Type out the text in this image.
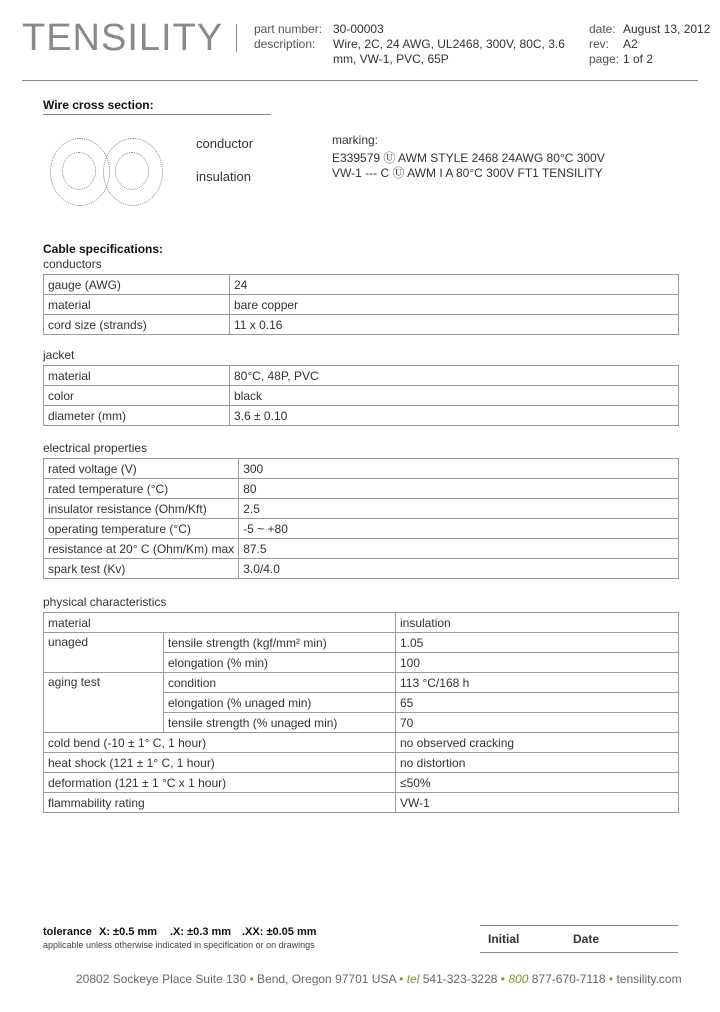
TENSILITY	part number: 30-00003
description: Wire, 2C, 24 AWG, UL2468, 300V, 80C, 3.6
mm, VW-1, PVC, 65P
date: August 13, 2012
rev: A2
page: 1 of 2
Wire cross section:
conductor
insulation
marking:
E339579 Ⓤ AWM STYLE 2468 24AWG 80°C 300V
VW-1 --- C Ⓤ AWM I A 80°C 300V FT1 TENSILITY
Cable specifications:
conductors
gauge (AWG)	24
material	bare copper
cord size (strands)	11 x 0.16
jacket
material	80°C, 48P, PVC
color	black
diameter (mm)	3.6 ± 0.10
electrical properties
rated voltage (V)	300
rated temperature (°C)	80
insulator resistance (Ohm/Kft)	2.5
operating temperature (°C)	-5 ~ +80
resistance at 20° C (Ohm/Km) max	87.5
spark test (Kv)	3.0/4.0
physical characteristics
material		insulation
unaged	tensile strength (kgf/mm² min)	1.05
	elongation (% min)	100
aging test	condition	113 °C/168 h
	elongation (% unaged min)	65
	tensile strength (% unaged min)	70
cold bend (-10 ± 1° C, 1 hour)		no observed cracking
heat shock (121 ± 1° C, 1 hour)		no distortion
deformation (121 ± 1 °C x 1 hour)		≤50%
flammability rating		VW-1
tolerance X: ±0.5 mm .X: ±0.3 mm .XX: ±0.05 mm
applicable unless otherwise indicated in specification or on drawings	Initial	Date
20802 Sockeye Place Suite 130 • Bend, Oregon 97701 USA • tel 541-323-3228 • 800 877-670-7118 • tensility.com
